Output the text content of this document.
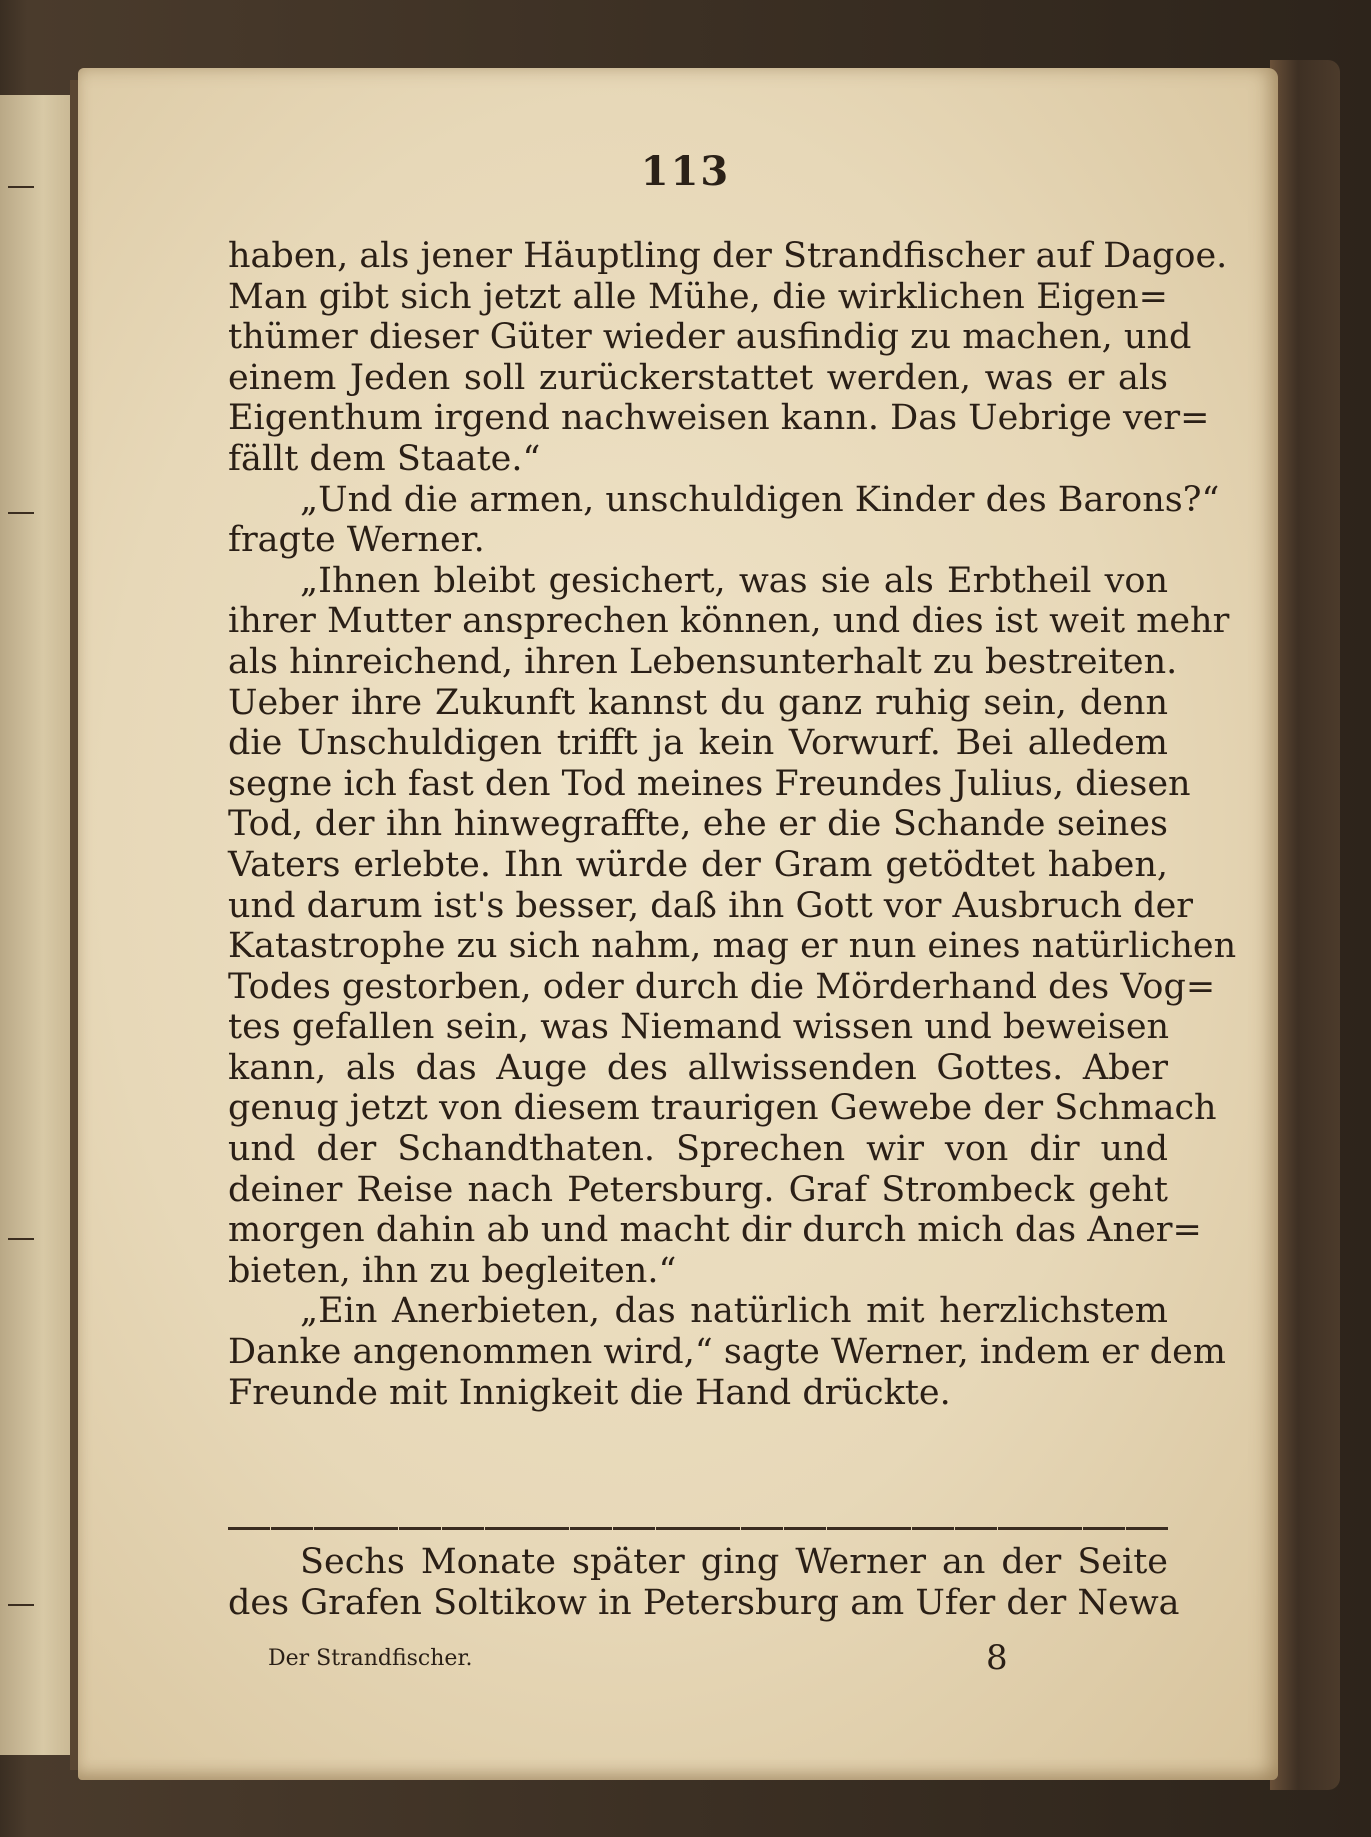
113
haben, als jener Häuptling der Strandfischer auf Dagoe.
Man gibt sich jetzt alle Mühe, die wirklichen Eigen=
thümer dieser Güter wieder ausfindig zu machen, und
einem Jeden soll zurückerstattet werden, was er als
Eigenthum irgend nachweisen kann. Das Uebrige ver=
fällt dem Staate.“
„Und die armen, unschuldigen Kinder des Barons?“
fragte Werner.
„Ihnen bleibt gesichert, was sie als Erbtheil von
ihrer Mutter ansprechen können, und dies ist weit mehr
als hinreichend, ihren Lebensunterhalt zu bestreiten.
Ueber ihre Zukunft kannst du ganz ruhig sein, denn
die Unschuldigen trifft ja kein Vorwurf. Bei alledem
segne ich fast den Tod meines Freundes Julius, diesen
Tod, der ihn hinwegraffte, ehe er die Schande seines
Vaters erlebte. Ihn würde der Gram getödtet haben,
und darum ist's besser, daß ihn Gott vor Ausbruch der
Katastrophe zu sich nahm, mag er nun eines natürlichen
Todes gestorben, oder durch die Mörderhand des Vog=
tes gefallen sein, was Niemand wissen und beweisen
kann, als das Auge des allwissenden Gottes. Aber
genug jetzt von diesem traurigen Gewebe der Schmach
und der Schandthaten. Sprechen wir von dir und
deiner Reise nach Petersburg. Graf Strombeck geht
morgen dahin ab und macht dir durch mich das Aner=
bieten, ihn zu begleiten.“
„Ein Anerbieten, das natürlich mit herzlichstem
Danke angenommen wird,“ sagte Werner, indem er dem
Freunde mit Innigkeit die Hand drückte.
Sechs Monate später ging Werner an der Seite
des Grafen Soltikow in Petersburg am Ufer der Newa
Der Strandfischer.	8
